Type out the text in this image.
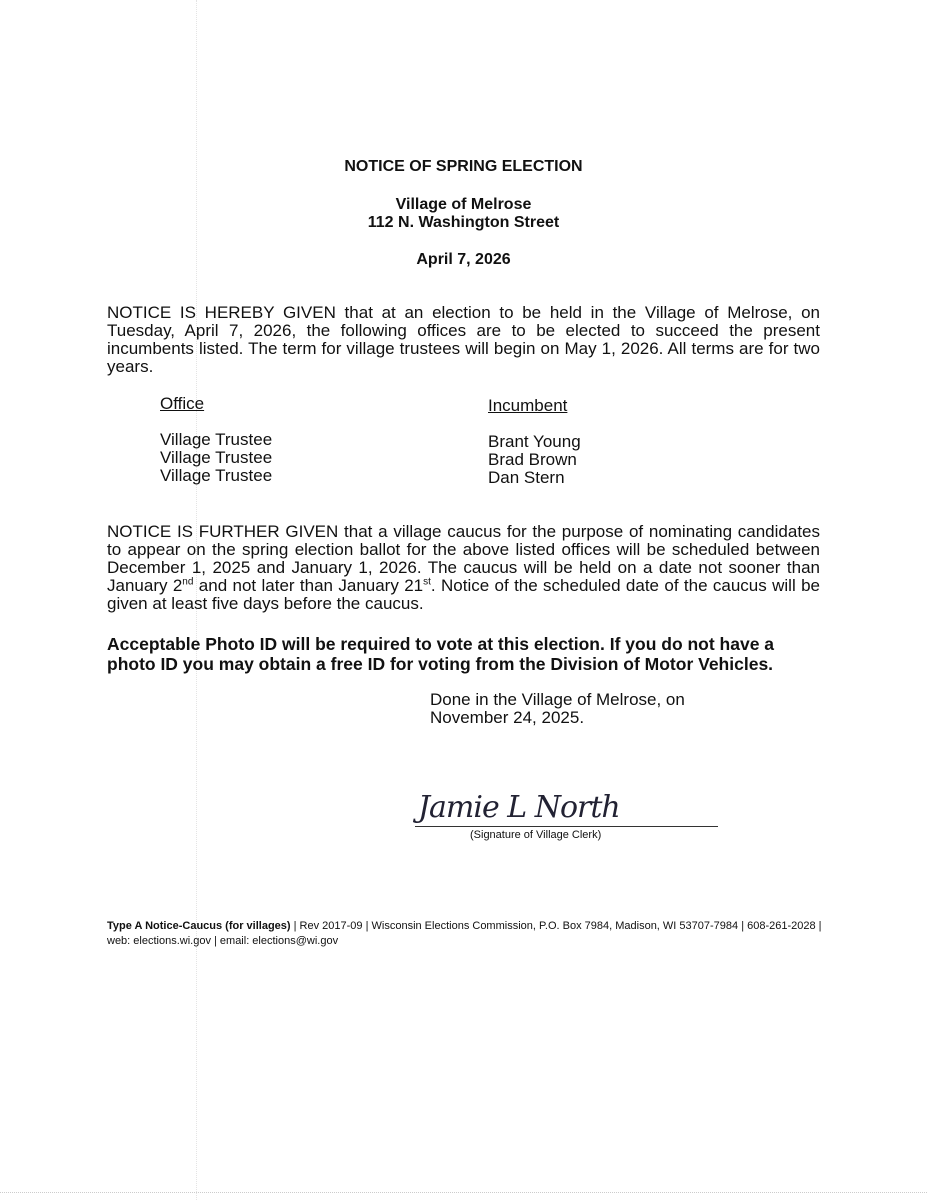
NOTICE OF SPRING ELECTION
Village of Melrose
112 N. Washington Street
April 7, 2026
NOTICE IS HEREBY GIVEN that at an election to be held in the Village of Melrose, on Tuesday, April 7, 2026, the following offices are to be elected to succeed the present incumbents listed. The term for village trustees will begin on May 1, 2026. All terms are for two years.
Office	Incumbent
Village Trustee
Village Trustee
Village Trustee
Brant Young
Brad Brown
Dan Stern
NOTICE IS FURTHER GIVEN that a village caucus for the purpose of nominating candidates to appear on the spring election ballot for the above listed offices will be scheduled between December 1, 2025 and January 1, 2026. The caucus will be held on a date not sooner than January 2nd and not later than January 21st. Notice of the scheduled date of the caucus will be given at least five days before the caucus.
Acceptable Photo ID will be required to vote at this election. If you do not have a photo ID you may obtain a free ID for voting from the Division of Motor Vehicles.
Done in the Village of Melrose, on
November 24, 2025.
Jamie L North
(Signature of Village Clerk)
Type A Notice-Caucus (for villages) | Rev 2017-09 | Wisconsin Elections Commission, P.O. Box 7984, Madison, WI 53707-7984 | 608-261-2028 | web: elections.wi.gov | email: elections@wi.gov
